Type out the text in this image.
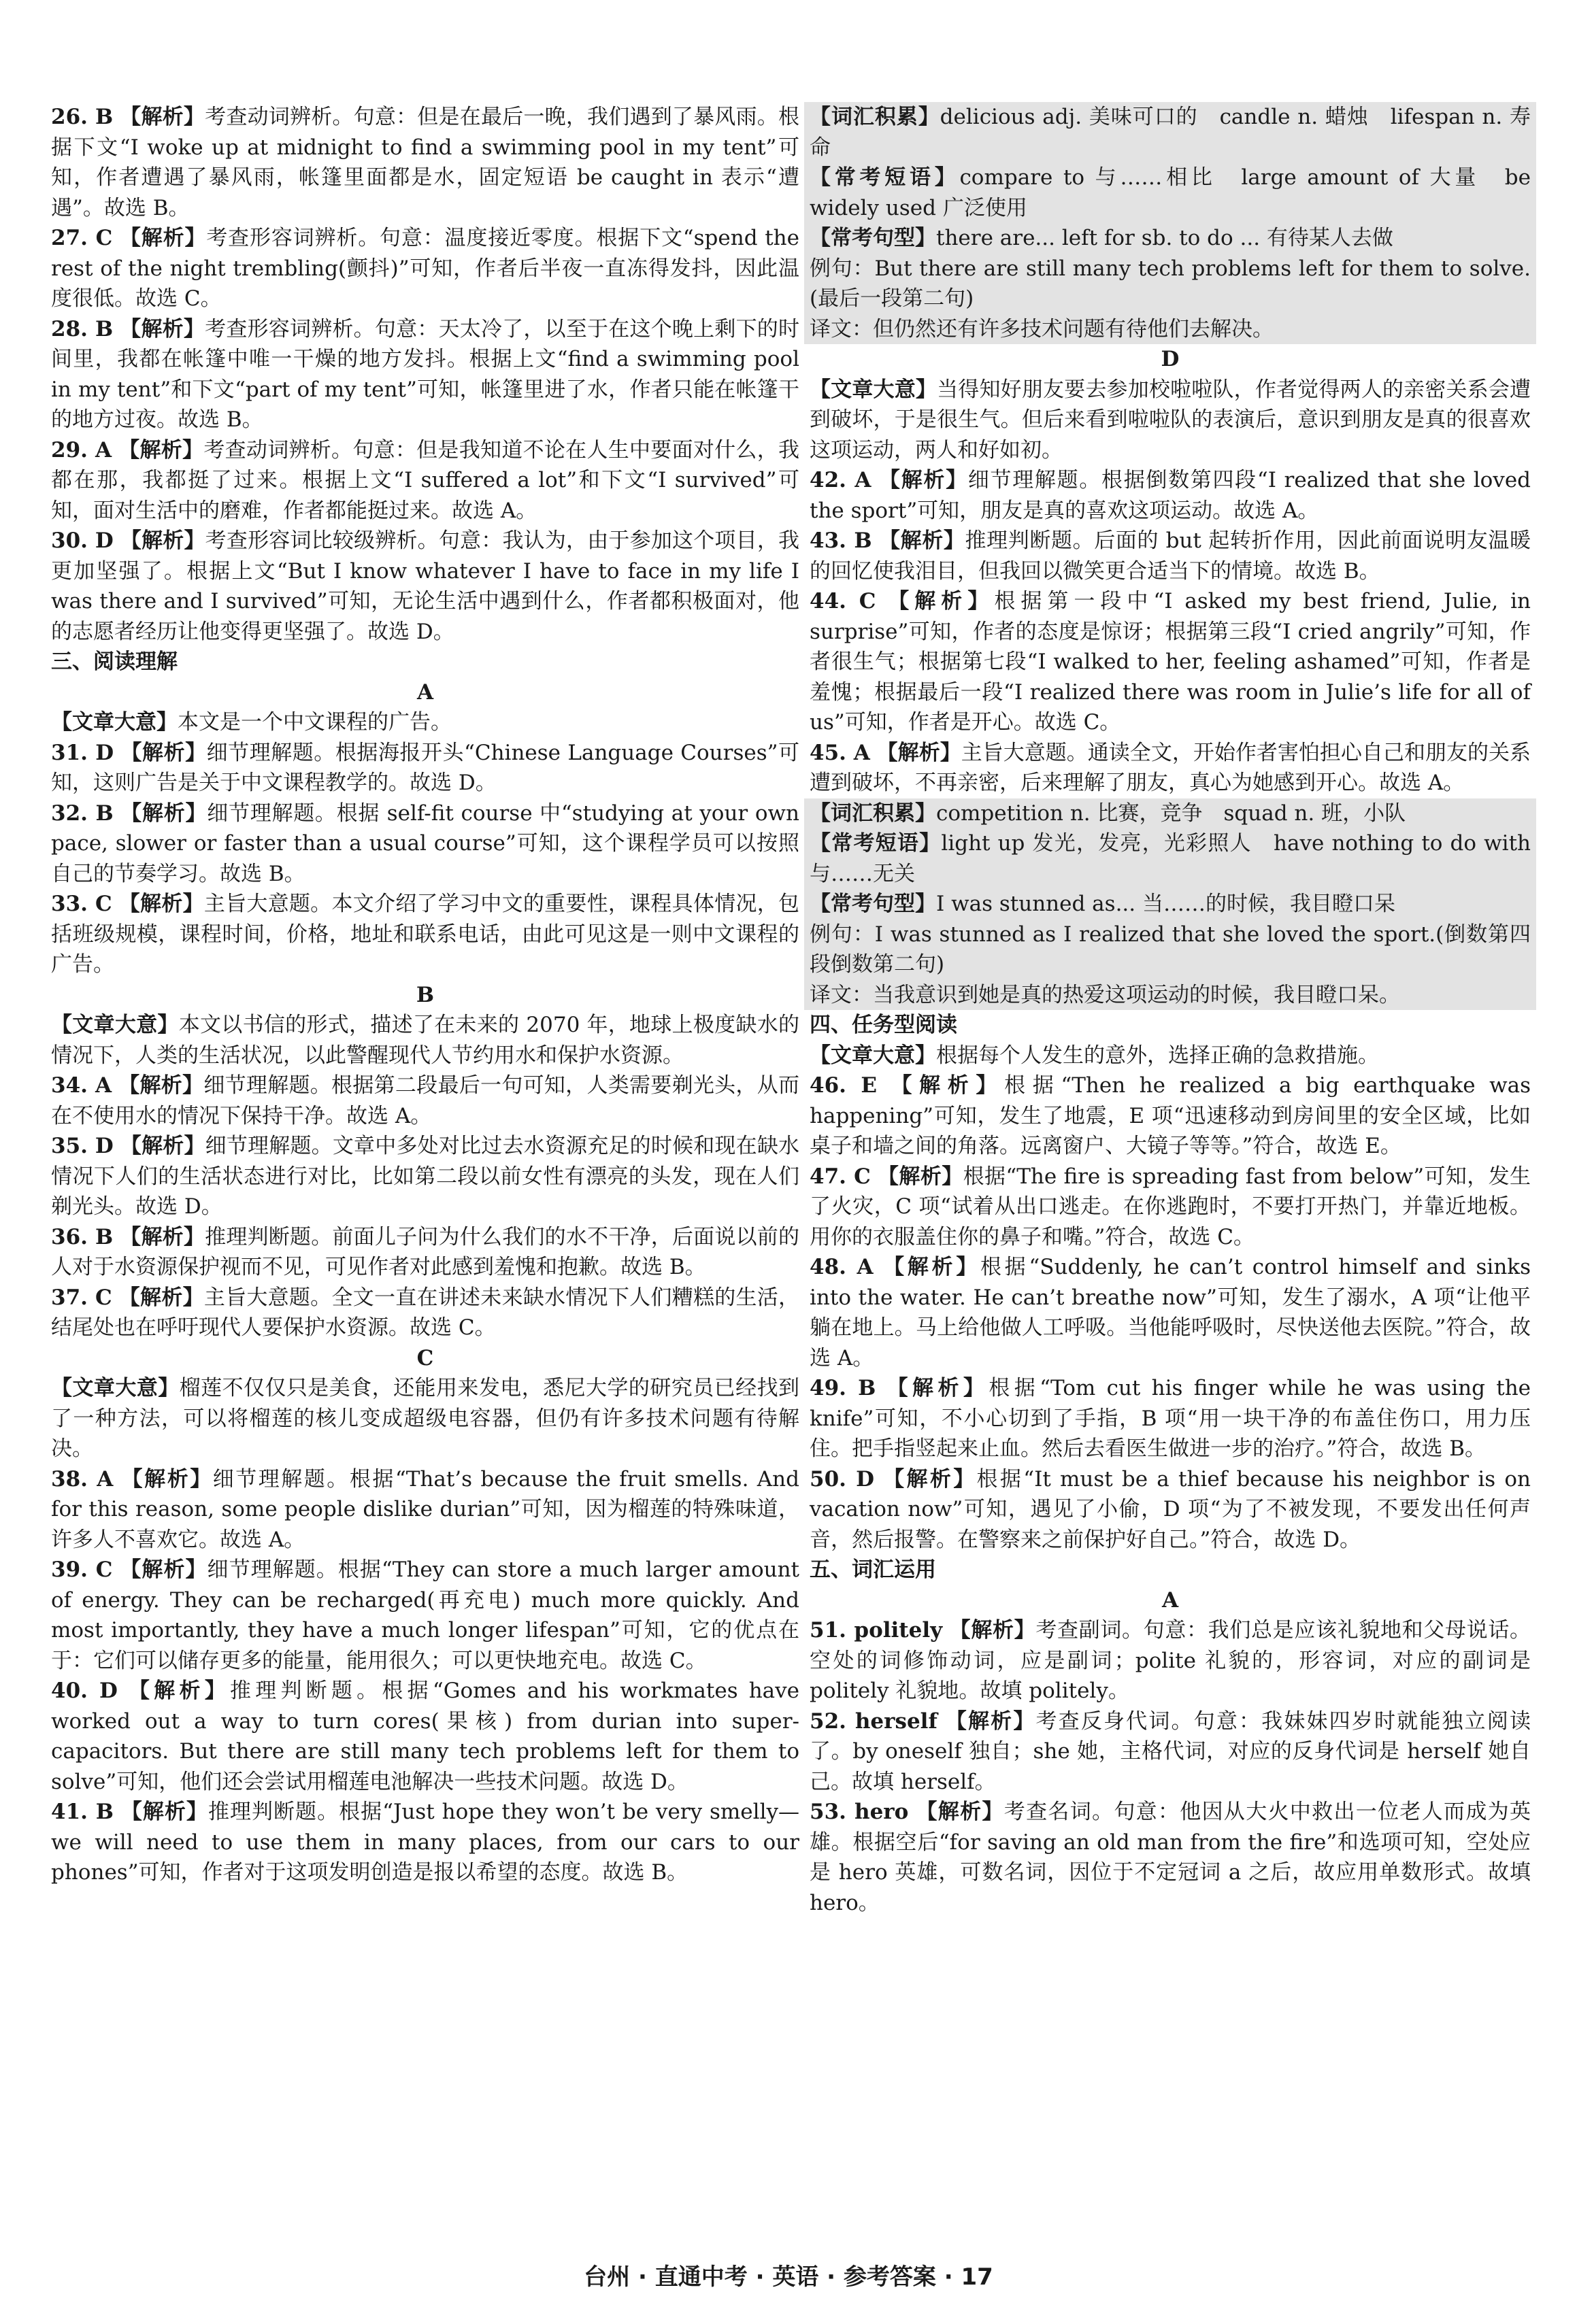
26. B 【解析】考查动词辨析。句意：但是在最后一晚，我们遇到了暴风雨。根据下文“I woke up at midnight to find a swimming pool in my tent”可知，作者遭遇了暴风雨，帐篷里面都是水，固定短语 be caught in 表示“遭遇”。故选 B。

27. C 【解析】考查形容词辨析。句意：温度接近零度。根据下文“spend the rest of the night trembling(颤抖)”可知，作者后半夜一直冻得发抖，因此温度很低。故选 C。

28. B 【解析】考查形容词辨析。句意：天太冷了，以至于在这个晚上剩下的时间里，我都在帐篷中唯一干燥的地方发抖。根据上文“find a swimming pool in my tent”和下文“part of my tent”可知，帐篷里进了水，作者只能在帐篷干的地方过夜。故选 B。

29. A 【解析】考查动词辨析。句意：但是我知道不论在人生中要面对什么，我都在那，我都挺了过来。根据上文“I suffered a lot”和下文“I survived”可知，面对生活中的磨难，作者都能挺过来。故选 A。

30. D 【解析】考查形容词比较级辨析。句意：我认为，由于参加这个项目，我更加坚强了。根据上文“But I know whatever I have to face in my life I was there and I survived”可知，无论生活中遇到什么，作者都积极面对，他的志愿者经历让他变得更坚强了。故选 D。

三、阅读理解

A

【文章大意】本文是一个中文课程的广告。

31. D 【解析】细节理解题。根据海报开头“Chinese Language Courses”可知，这则广告是关于中文课程教学的。故选 D。

32. B 【解析】细节理解题。根据 self-fit course 中“studying at your own pace, slower or faster than a usual course”可知，这个课程学员可以按照自己的节奏学习。故选 B。

33. C 【解析】主旨大意题。本文介绍了学习中文的重要性，课程具体情况，包括班级规模，课程时间，价格，地址和联系电话，由此可见这是一则中文课程的广告。

B

【文章大意】本文以书信的形式，描述了在未来的 2070 年，地球上极度缺水的情况下，人类的生活状况，以此警醒现代人节约用水和保护水资源。

34. A 【解析】细节理解题。根据第二段最后一句可知，人类需要剃光头，从而在不使用水的情况下保持干净。故选 A。

35. D 【解析】细节理解题。文章中多处对比过去水资源充足的时候和现在缺水情况下人们的生活状态进行对比，比如第二段以前女性有漂亮的头发，现在人们剃光头。故选 D。

36. B 【解析】推理判断题。前面儿子问为什么我们的水不干净，后面说以前的人对于水资源保护视而不见，可见作者对此感到羞愧和抱歉。故选 B。

37. C 【解析】主旨大意题。全文一直在讲述未来缺水情况下人们糟糕的生活，结尾处也在呼吁现代人要保护水资源。故选 C。

C

【文章大意】榴莲不仅仅只是美食，还能用来发电，悉尼大学的研究员已经找到了一种方法，可以将榴莲的核儿变成超级电容器，但仍有许多技术问题有待解决。

38. A 【解析】细节理解题。根据“That’s because the fruit smells. And for this reason, some people dislike durian”可知，因为榴莲的特殊味道，许多人不喜欢它。故选 A。

39. C 【解析】细节理解题。根据“They can store a much larger amount of energy. They can be recharged(再充电) much more quickly. And most importantly, they have a much longer lifespan”可知，它的优点在于：它们可以储存更多的能量，能用很久；可以更快地充电。故选 C。

40. D 【解析】推理判断题。根据“Gomes and his workmates have worked out a way to turn cores(果核) from durian into super-capacitors. But there are still many tech problems left for them to solve”可知，他们还会尝试用榴莲电池解决一些技术问题。故选 D。

41. B 【解析】推理判断题。根据“Just hope they won’t be very smelly—we will need to use them in many places, from our cars to our phones”可知，作者对于这项发明创造是报以希望的态度。故选 B。

【词汇积累】delicious adj. 美味可口的　candle n. 蜡烛　lifespan n. 寿命

【常考短语】compare to 与……相比　large amount of 大量　be widely used 广泛使用

【常考句型】there are... left for sb. to do ... 有待某人去做

例句：But there are still many tech problems left for them to solve.(最后一段第二句)

译文：但仍然还有许多技术问题有待他们去解决。

D

【文章大意】当得知好朋友要去参加校啦啦队，作者觉得两人的亲密关系会遭到破坏，于是很生气。但后来看到啦啦队的表演后，意识到朋友是真的很喜欢这项运动，两人和好如初。

42. A 【解析】细节理解题。根据倒数第四段“I realized that she loved the sport”可知，朋友是真的喜欢这项运动。故选 A。

43. B 【解析】推理判断题。后面的 but 起转折作用，因此前面说明友温暖的回忆使我泪目，但我回以微笑更合适当下的情境。故选 B。

44. C 【解析】根据第一段中“I asked my best friend, Julie, in surprise”可知，作者的态度是惊讶；根据第三段“I cried angrily”可知，作者很生气；根据第七段“I walked to her, feeling ashamed”可知，作者是羞愧；根据最后一段“I realized there was room in Julie’s life for all of us”可知，作者是开心。故选 C。

45. A 【解析】主旨大意题。通读全文，开始作者害怕担心自己和朋友的关系遭到破坏，不再亲密，后来理解了朋友，真心为她感到开心。故选 A。

【词汇积累】competition n. 比赛，竞争　squad n. 班，小队

【常考短语】light up 发光，发亮，光彩照人　have nothing to do with 与……无关

【常考句型】I was stunned as... 当……的时候，我目瞪口呆

例句：I was stunned as I realized that she loved the sport.(倒数第四段倒数第二句)

译文：当我意识到她是真的热爱这项运动的时候，我目瞪口呆。

四、任务型阅读

【文章大意】根据每个人发生的意外，选择正确的急救措施。

46. E 【解析】根据“Then he realized a big earthquake was happening”可知，发生了地震，E 项“迅速移动到房间里的安全区域，比如桌子和墙之间的角落。远离窗户、大镜子等等。”符合，故选 E。

47. C 【解析】根据“The fire is spreading fast from below”可知，发生了火灾，C 项“试着从出口逃走。在你逃跑时，不要打开热门，并靠近地板。用你的衣服盖住你的鼻子和嘴。”符合，故选 C。

48. A 【解析】根据“Suddenly, he can’t control himself and sinks into the water. He can’t breathe now”可知，发生了溺水，A 项“让他平躺在地上。马上给他做人工呼吸。当他能呼吸时，尽快送他去医院。”符合，故选 A。

49. B 【解析】根据“Tom cut his finger while he was using the knife”可知，不小心切到了手指，B 项“用一块干净的布盖住伤口，用力压住。把手指竖起来止血。然后去看医生做进一步的治疗。”符合，故选 B。

50. D 【解析】根据“It must be a thief because his neighbor is on vacation now”可知，遇见了小偷，D 项“为了不被发现，不要发出任何声音，然后报警。在警察来之前保护好自己。”符合，故选 D。

五、词汇运用

A

51. politely 【解析】考查副词。句意：我们总是应该礼貌地和父母说话。空处的词修饰动词，应是副词；polite 礼貌的，形容词，对应的副词是 politely 礼貌地。故填 politely。

52. herself 【解析】考查反身代词。句意：我妹妹四岁时就能独立阅读了。by oneself 独自；she 她，主格代词，对应的反身代词是 herself 她自己。故填 herself。

53. hero 【解析】考查名词。句意：他因从大火中救出一位老人而成为英雄。根据空后“for saving an old man from the fire”和选项可知，空处应是 hero 英雄，可数名词，因位于不定冠词 a 之后，故应用单数形式。故填 hero。

台州 · 直通中考 · 英语 · 参考答案 · 17
